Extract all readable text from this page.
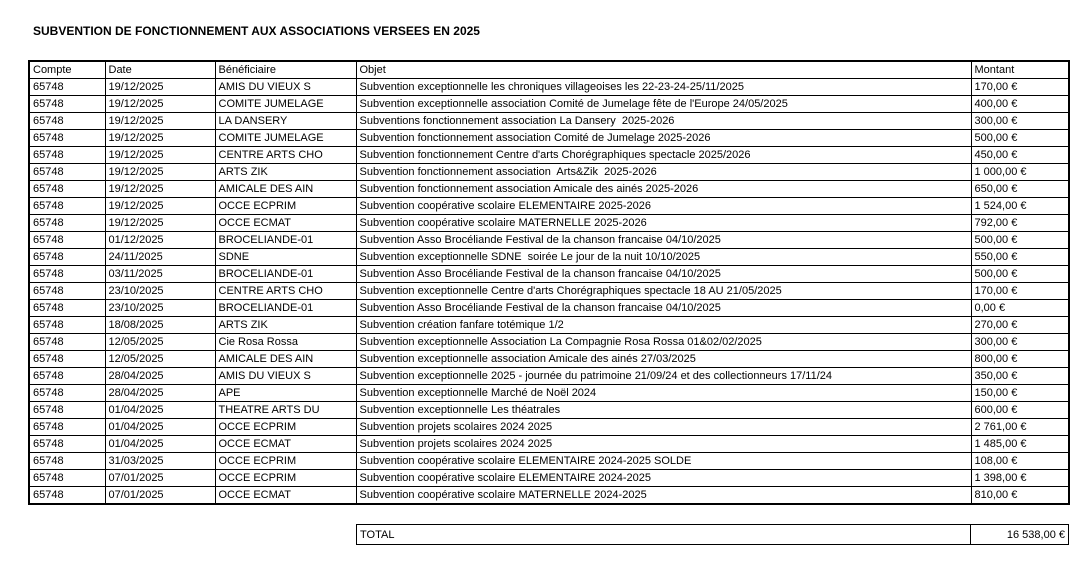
SUBVENTION DE FONCTIONNEMENT AUX ASSOCIATIONS VERSEES EN 2025
Compte	Date	Bénéficiaire	Objet	Montant
65748	19/12/2025	AMIS DU VIEUX S	Subvention exceptionnelle les chroniques villageoises les 22-23-24-25/11/2025	170,00 €
65748	19/12/2025	COMITE JUMELAGE	Subvention exceptionnelle association Comité de Jumelage fête de l'Europe 24/05/2025	400,00 €
65748	19/12/2025	LA DANSERY	Subventions fonctionnement association La Dansery  2025-2026	300,00 €
65748	19/12/2025	COMITE JUMELAGE	Subvention fonctionnement association Comité de Jumelage 2025-2026	500,00 €
65748	19/12/2025	CENTRE ARTS CHO	Subvention fonctionnement Centre d'arts Chorégraphiques spectacle 2025/2026	450,00 €
65748	19/12/2025	ARTS ZIK	Subvention fonctionnement association  Arts&Zik  2025-2026	1 000,00 €
65748	19/12/2025	AMICALE DES AIN	Subvention fonctionnement association Amicale des ainés 2025-2026	650,00 €
65748	19/12/2025	OCCE ECPRIM	Subvention coopérative scolaire ELEMENTAIRE 2025-2026	1 524,00 €
65748	19/12/2025	OCCE ECMAT	Subvention coopérative scolaire MATERNELLE 2025-2026	792,00 €
65748	01/12/2025	BROCELIANDE-01	Subvention Asso Brocéliande Festival de la chanson francaise 04/10/2025	500,00 €
65748	24/11/2025	SDNE	Subvention exceptionnelle SDNE  soirée Le jour de la nuit 10/10/2025	550,00 €
65748	03/11/2025	BROCELIANDE-01	Subvention Asso Brocéliande Festival de la chanson francaise 04/10/2025	500,00 €
65748	23/10/2025	CENTRE ARTS CHO	Subvention exceptionnelle Centre d'arts Chorégraphiques spectacle 18 AU 21/05/2025	170,00 €
65748	23/10/2025	BROCELIANDE-01	Subvention Asso Brocéliande Festival de la chanson francaise 04/10/2025	0,00 €
65748	18/08/2025	ARTS ZIK	Subvention création fanfare totémique 1/2	270,00 €
65748	12/05/2025	Cie Rosa Rossa	Subvention exceptionnelle Association La Compagnie Rosa Rossa 01&02/02/2025	300,00 €
65748	12/05/2025	AMICALE DES AIN	Subvention exceptionnelle association Amicale des ainés 27/03/2025	800,00 €
65748	28/04/2025	AMIS DU VIEUX S	Subvention exceptionnelle 2025 - journée du patrimoine 21/09/24 et des collectionneurs 17/11/24	350,00 €
65748	28/04/2025	APE	Subvention exceptionnelle Marché de Noël 2024	150,00 €
65748	01/04/2025	THEATRE ARTS DU	Subvention exceptionnelle Les théatrales	600,00 €
65748	01/04/2025	OCCE ECPRIM	Subvention projets scolaires 2024 2025	2 761,00 €
65748	01/04/2025	OCCE ECMAT	Subvention projets scolaires 2024 2025	1 485,00 €
65748	31/03/2025	OCCE ECPRIM	Subvention coopérative scolaire ELEMENTAIRE 2024-2025 SOLDE	108,00 €
65748	07/01/2025	OCCE ECPRIM	Subvention coopérative scolaire ELEMENTAIRE 2024-2025	1 398,00 €
65748	07/01/2025	OCCE ECMAT	Subvention coopérative scolaire MATERNELLE 2024-2025	810,00 €
TOTAL	16 538,00 €
